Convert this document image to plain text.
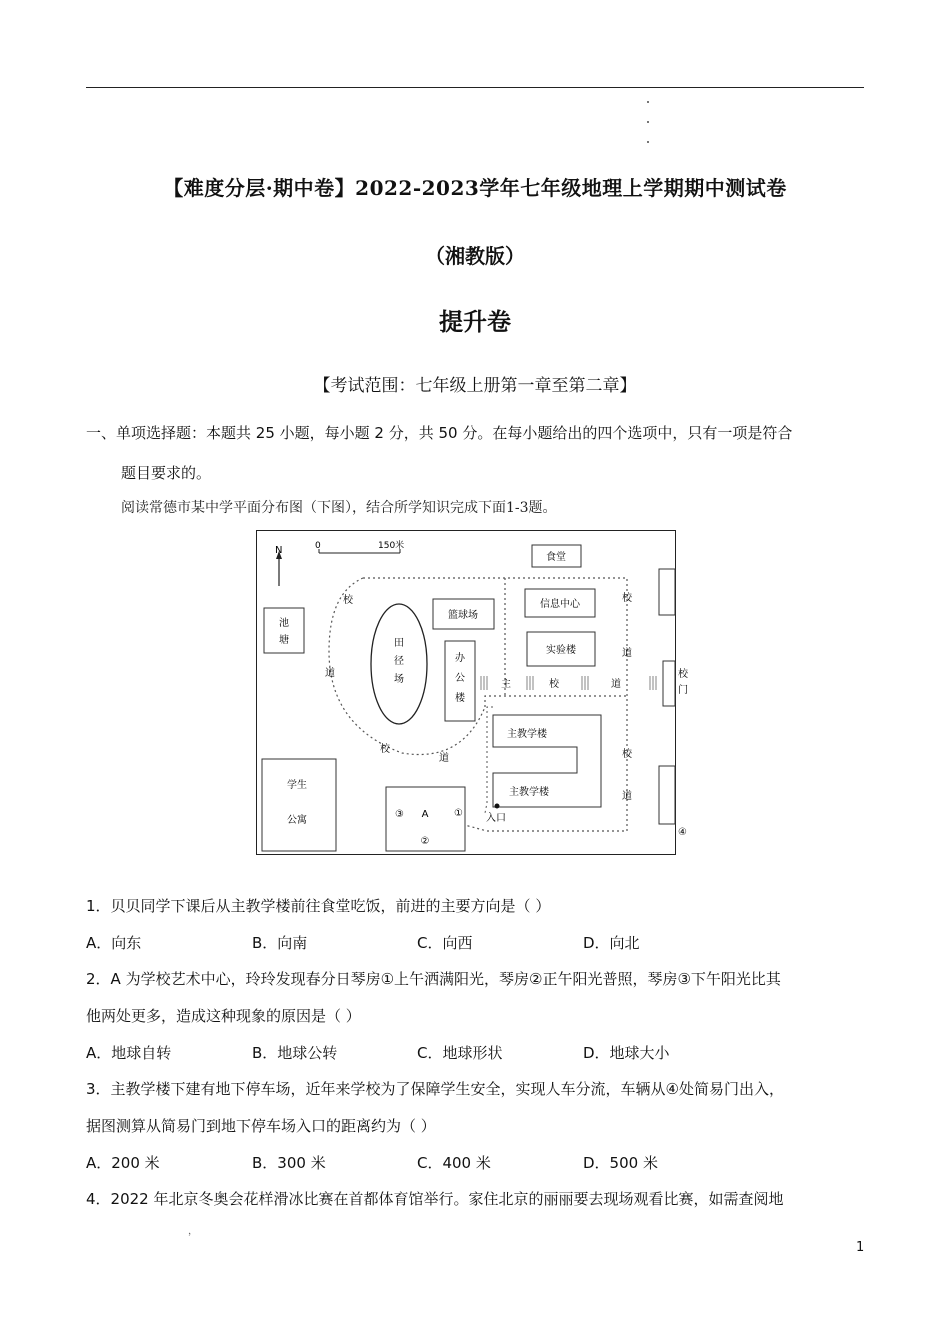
【难度分层·期中卷】2022-2023学年七年级地理上学期期中测试卷
（湘教版）
提升卷
【考试范围：七年级上册第一章至第二章】
一、单项选择题：本题共 25 小题，每小题 2 分，共 50 分。在每小题给出的四个选项中，只有一项是符合
题目要求的。
阅读常德市某中学平面分布图（下图），结合所学知识完成下面1-3题。
N	0	150米
食堂
池
塘	田
径
场
篮球场
信息中心
实验楼
办
公
楼
主	校	道
校
门
主教学楼
主教学楼
学生
公寓
③ A	①
②
入口
④
校
道
校
道
校
道
校
道
1．贝贝同学下课后从主教学楼前往食堂吃饭，前进的主要方向是（ ）
A．向东	B．向南	C．向西	D．向北
2．A 为学校艺术中心，玲玲发现春分日琴房①上午洒满阳光，琴房②正午阳光普照，琴房③下午阳光比其
他两处更多，造成这种现象的原因是（ ）
A．地球自转	B．地球公转	C．地球形状	D．地球大小
3．主教学楼下建有地下停车场，近年来学校为了保障学生安全，实现人车分流，车辆从④处简易门出入，
据图测算从简易门到地下停车场入口的距离约为（ ）
A．200 米	B．300 米	C．400 米	D．500 米
4．2022 年北京冬奥会花样滑冰比赛在首都体育馆举行。家住北京的丽丽要去现场观看比赛，如需查阅地
，
1
